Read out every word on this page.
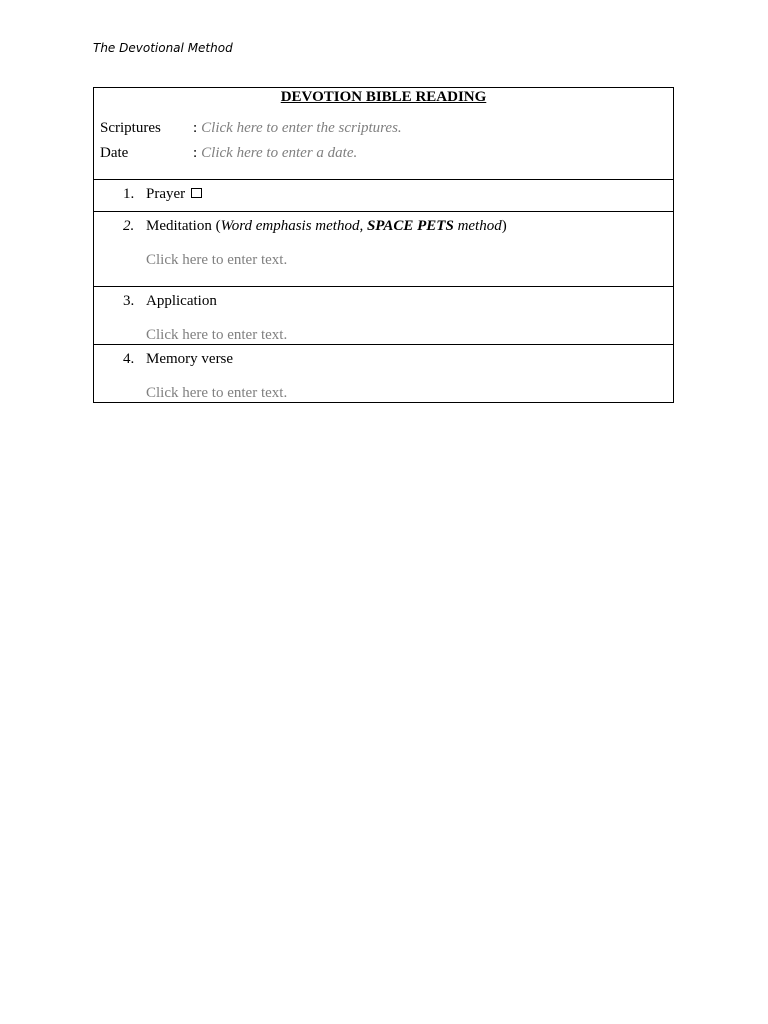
The Devotional Method
DEVOTION BIBLE READING
Scriptures	: Click here to enter the scriptures.
Date	: Click here to enter a date.
1. Prayer
2. Meditation (Word emphasis method, SPACE PETS method)
Click here to enter text.
3. Application
Click here to enter text.
4. Memory verse
Click here to enter text.
